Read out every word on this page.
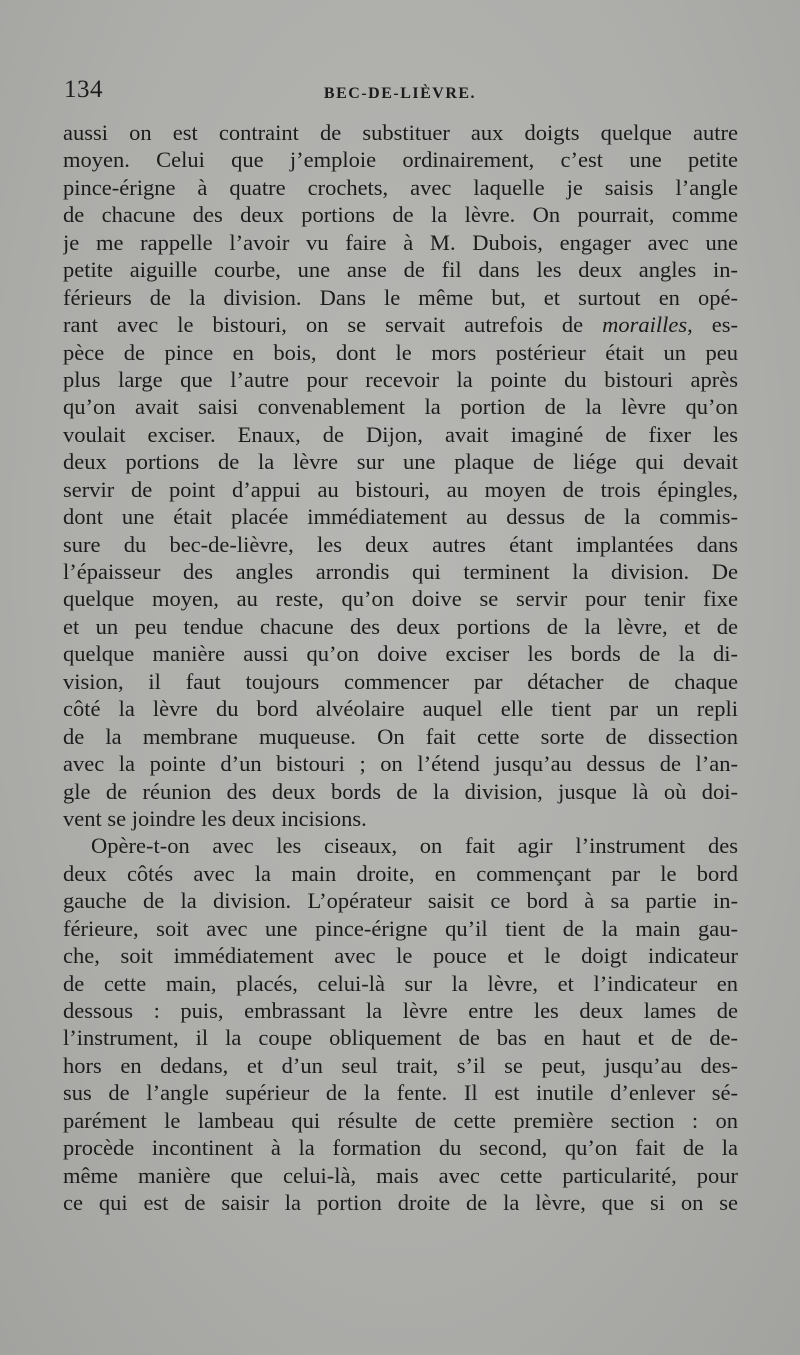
134	BEC-DE-LIÈVRE.
aussi on est contraint de substituer aux doigts quelque autre
moyen. Celui que j’emploie ordinairement, c’est une petite
pince-érigne à quatre crochets, avec laquelle je saisis l’angle
de chacune des deux portions de la lèvre. On pourrait, comme
je me rappelle l’avoir vu faire à M. Dubois, engager avec une
petite aiguille courbe, une anse de fil dans les deux angles in-
férieurs de la division. Dans le même but, et surtout en opé-
rant avec le bistouri, on se servait autrefois de morailles, es-
pèce de pince en bois, dont le mors postérieur était un peu
plus large que l’autre pour recevoir la pointe du bistouri après
qu’on avait saisi convenablement la portion de la lèvre qu’on
voulait exciser. Enaux, de Dijon, avait imaginé de fixer les
deux portions de la lèvre sur une plaque de liége qui devait
servir de point d’appui au bistouri, au moyen de trois épingles,
dont une était placée immédiatement au dessus de la commis-
sure du bec-de-lièvre, les deux autres étant implantées dans
l’épaisseur des angles arrondis qui terminent la division. De
quelque moyen, au reste, qu’on doive se servir pour tenir fixe
et un peu tendue chacune des deux portions de la lèvre, et de
quelque manière aussi qu’on doive exciser les bords de la di-
vision, il faut toujours commencer par détacher de chaque
côté la lèvre du bord alvéolaire auquel elle tient par un repli
de la membrane muqueuse. On fait cette sorte de dissection
avec la pointe d’un bistouri ; on l’étend jusqu’au dessus de l’an-
gle de réunion des deux bords de la division, jusque là où doi-
vent se joindre les deux incisions.
Opère-t-on avec les ciseaux, on fait agir l’instrument des
deux côtés avec la main droite, en commençant par le bord
gauche de la division. L’opérateur saisit ce bord à sa partie in-
férieure, soit avec une pince-érigne qu’il tient de la main gau-
che, soit immédiatement avec le pouce et le doigt indicateur
de cette main, placés, celui-là sur la lèvre, et l’indicateur en
dessous : puis, embrassant la lèvre entre les deux lames de
l’instrument, il la coupe obliquement de bas en haut et de de-
hors en dedans, et d’un seul trait, s’il se peut, jusqu’au des-
sus de l’angle supérieur de la fente. Il est inutile d’enlever sé-
parément le lambeau qui résulte de cette première section : on
procède incontinent à la formation du second, qu’on fait de la
même manière que celui-là, mais avec cette particularité, pour
ce qui est de saisir la portion droite de la lèvre, que si on se
